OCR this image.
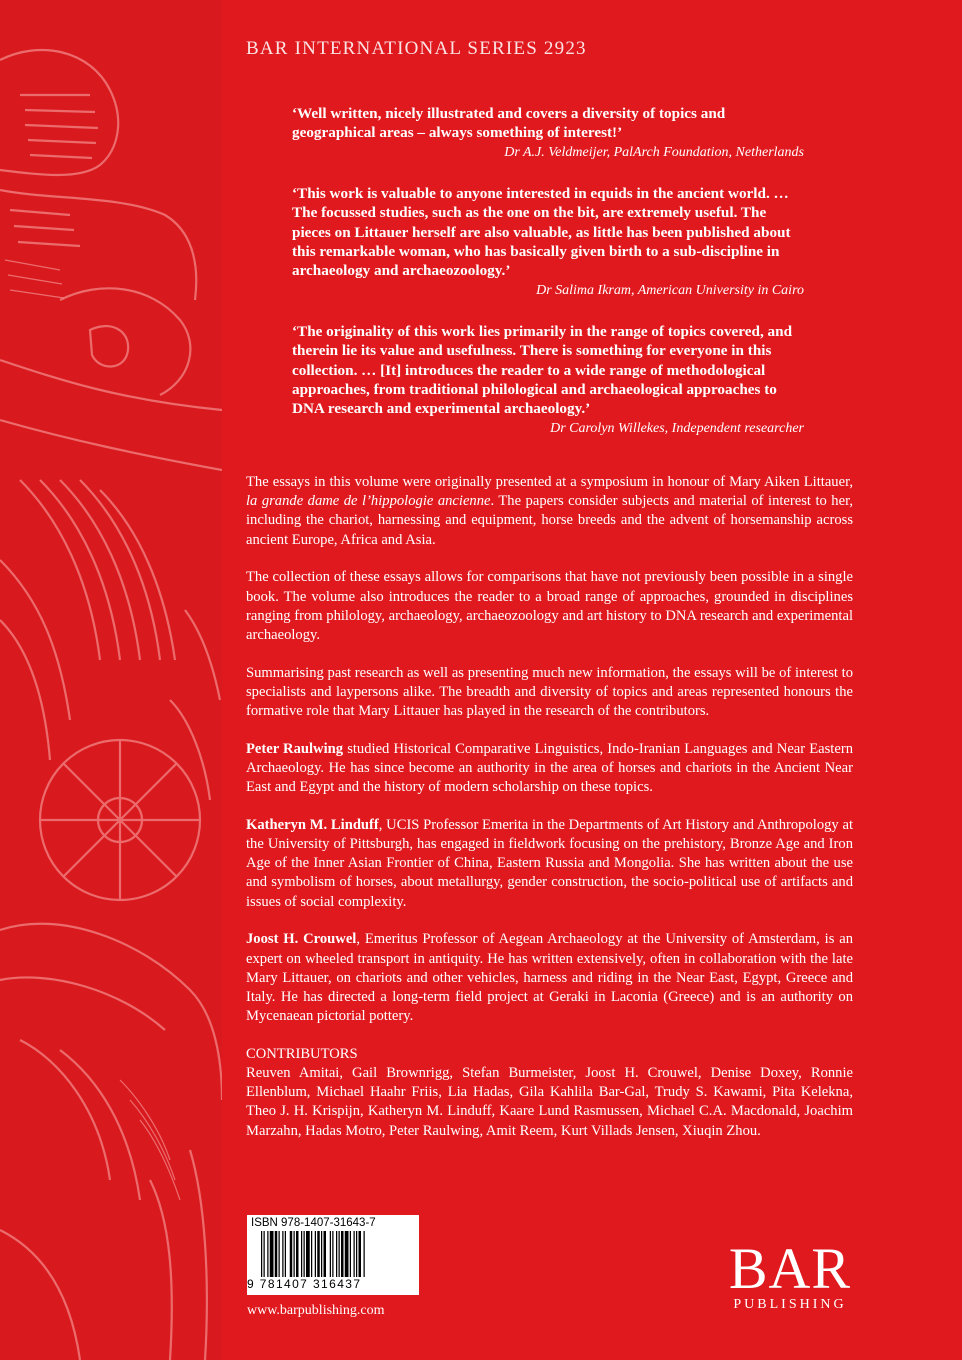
BAR INTERNATIONAL SERIES 2923
‘Well written, nicely illustrated and covers a diversity of topics and geographical areas – always something of interest!’
Dr A.J. Veldmeijer, PalArch Foundation, Netherlands
‘This work is valuable to anyone interested in equids in the ancient world. … The focussed studies, such as the one on the bit, are extremely useful. The pieces on Littauer herself are also valuable, as little has been published about this remarkable woman, who has basically given birth to a sub-discipline in archaeology and archaeozoology.’
Dr Salima Ikram, American University in Cairo
‘The originality of this work lies primarily in the range of topics covered, and therein lie its value and usefulness. There is something for everyone in this collection. … [It] introduces the reader to a wide range of methodological approaches, from traditional philological and archaeological approaches to DNA research and experimental archaeology.’
Dr Carolyn Willekes, Independent researcher

The essays in this volume were originally presented at a symposium in honour of Mary Aiken Littauer, la grande dame de l’hippologie ancienne. The papers consider subjects and material of interest to her, including the chariot, harnessing and equipment, horse breeds and the advent of horsemanship across ancient Europe, Africa and Asia.

The collection of these essays allows for comparisons that have not previously been possible in a single book. The volume also introduces the reader to a broad range of approaches, grounded in disciplines ranging from philology, archaeology, archaeozoology and art history to DNA research and experimental archaeology.

Summarising past research as well as presenting much new information, the essays will be of interest to specialists and laypersons alike. The breadth and diversity of topics and areas represented honours the formative role that Mary Littauer has played in the research of the contributors.

Peter Raulwing studied Historical Comparative Linguistics, Indo-Iranian Languages and Near Eastern Archaeology. He has since become an authority in the area of horses and chariots in the Ancient Near East and Egypt and the history of modern scholarship on these topics.

Katheryn M. Linduff, UCIS Professor Emerita in the Departments of Art History and Anthropology at the University of Pittsburgh, has engaged in fieldwork focusing on the prehistory, Bronze Age and Iron Age of the Inner Asian Frontier of China, Eastern Russia and Mongolia. She has written about the use and symbolism of horses, about metallurgy, gender construction, the socio-political use of artifacts and issues of social complexity.

Joost H. Crouwel, Emeritus Professor of Aegean Archaeology at the University of Amsterdam, is an expert on wheeled transport in antiquity. He has written extensively, often in collaboration with the late Mary Littauer, on chariots and other vehicles, harness and riding in the Near East, Egypt, Greece and Italy. He has directed a long-term field project at Geraki in Laconia (Greece) and is an authority on Mycenaean pictorial pottery.

CONTRIBUTORS
Reuven Amitai, Gail Brownrigg, Stefan Burmeister, Joost H. Crouwel, Denise Doxey, Ronnie Ellenblum, Michael Haahr Friis, Lia Hadas, Gila Kahlila Bar-Gal, Trudy S. Kawami, Pita Kelekna, Theo J. H. Krispijn, Katheryn M. Linduff, Kaare Lund Rasmussen, Michael C.A. Macdonald, Joachim Marzahn, Hadas Motro, Peter Raulwing, Amit Reem, Kurt Villads Jensen, Xiuqin Zhou.
ISBN 978-1407-31643-7
9 781407 316437
www.barpublishing.com
BAR
PUBLISHING
